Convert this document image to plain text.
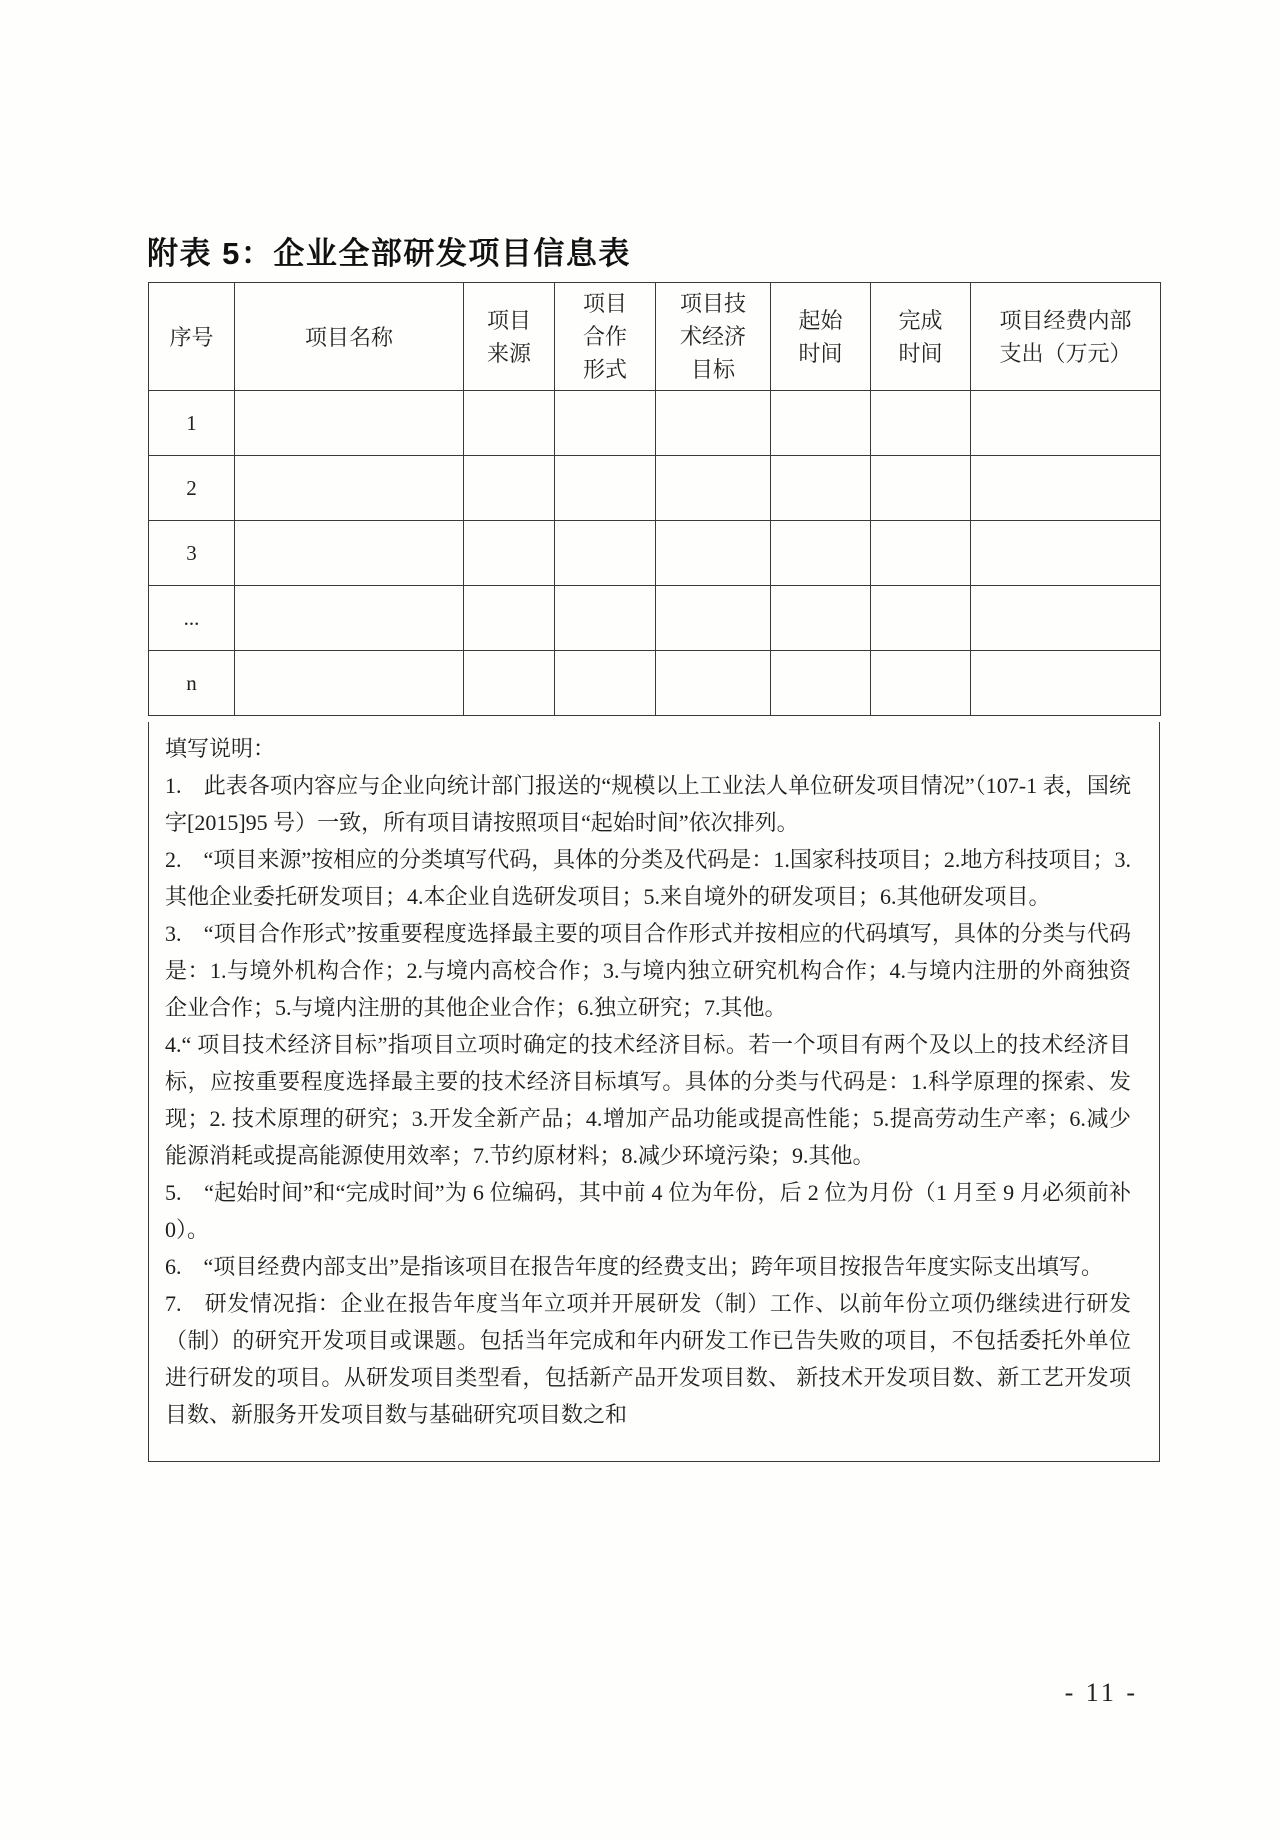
附表 5：企业全部研发项目信息表
序号	项目名称	项目来源	项目合作形式	项目技术经济目标	起始时间	完成时间	项目经费内部支出（万元）
1							
2							
3							
...							
n							
填写说明：

1.　此表各项内容应与企业向统计部门报送的“规模以上工业法人单位研发项目情况”（107-1 表，国统字[2015]95 号）一致，所有项目请按照项目“起始时间”依次排列。

2.　“项目来源”按相应的分类填写代码，具体的分类及代码是：1.国家科技项目；2.地方科技项目；3.其他企业委托研发项目；4.本企业自选研发项目；5.来自境外的研发项目；6.其他研发项目。

3.　“项目合作形式”按重要程度选择最主要的项目合作形式并按相应的代码填写，具体的分类与代码是：1.与境外机构合作；2.与境内高校合作；3.与境内独立研究机构合作；4.与境内注册的外商独资企业合作；5.与境内注册的其他企业合作；6.独立研究；7.其他。

4.“ 项目技术经济目标”指项目立项时确定的技术经济目标。若一个项目有两个及以上的技术经济目标，应按重要程度选择最主要的技术经济目标填写。具体的分类与代码是：1.科学原理的探索、发现；2. 技术原理的研究；3.开发全新产品；4.增加产品功能或提高性能；5.提高劳动生产率；6.减少能源消耗或提高能源使用效率；7.节约原材料；8.减少环境污染；9.其他。

5.　“起始时间”和“完成时间”为 6 位编码，其中前 4 位为年份，后 2 位为月份（1 月至 9 月必须前补 0）。

6.　“项目经费内部支出”是指该项目在报告年度的经费支出；跨年项目按报告年度实际支出填写。

7.　研发情况指：企业在报告年度当年立项并开展研发（制）工作、以前年份立项仍继续进行研发（制）的研究开发项目或课题。包括当年完成和年内研发工作已告失败的项目，不包括委托外单位进行研发的项目。从研发项目类型看，包括新产品开发项目数、 新技术开发项目数、新工艺开发项目数、新服务开发项目数与基础研究项目数之和

- 11 -
